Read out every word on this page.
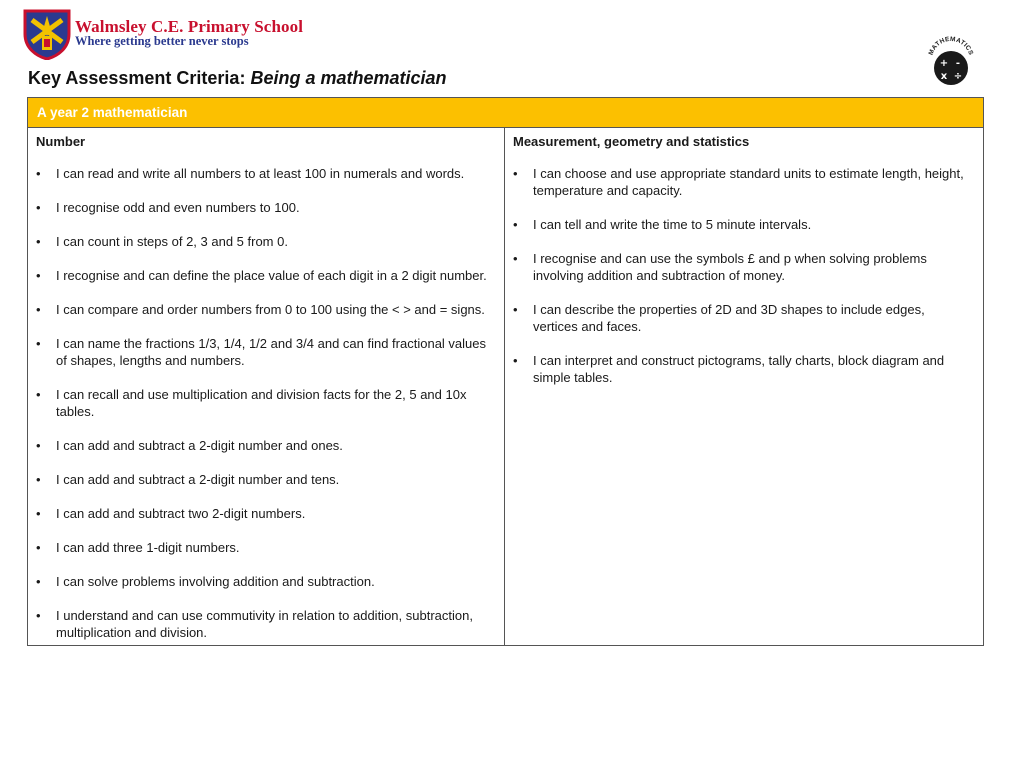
Walmsley C.E. Primary School
Where getting better never stops
MATHEMATICS
+ -
x ÷
Key Assessment Criteria: Being a mathematician
A year 2 mathematician
Number
• I can read and write all numbers to at least 100 in numerals and words.
• I recognise odd and even numbers to 100.
• I can count in steps of 2, 3 and 5 from 0.
• I recognise and can define the place value of each digit in a 2 digit number.
• I can compare and order numbers from 0 to 100 using the < > and = signs.
• I can name the fractions 1/3, 1/4, 1/2 and 3/4 and can find fractional values of shapes, lengths and numbers.
• I can recall and use multiplication and division facts for the 2, 5 and 10x tables.
• I can add and subtract a 2-digit number and ones.
• I can add and subtract a 2-digit number and tens.
• I can add and subtract two 2-digit numbers.
• I can add three 1-digit numbers.
• I can solve problems involving addition and subtraction.
• I understand and can use commutivity in relation to addition, subtraction, multiplication and division.
Measurement, geometry and statistics
• I can choose and use appropriate standard units to estimate length, height, temperature and capacity.
• I can tell and write the time to 5 minute intervals.
• I recognise and can use the symbols £ and p when solving problems involving addition and subtraction of money.
• I can describe the properties of 2D and 3D shapes to include edges, vertices and faces.
• I can interpret and construct pictograms, tally charts, block diagram and simple tables.
